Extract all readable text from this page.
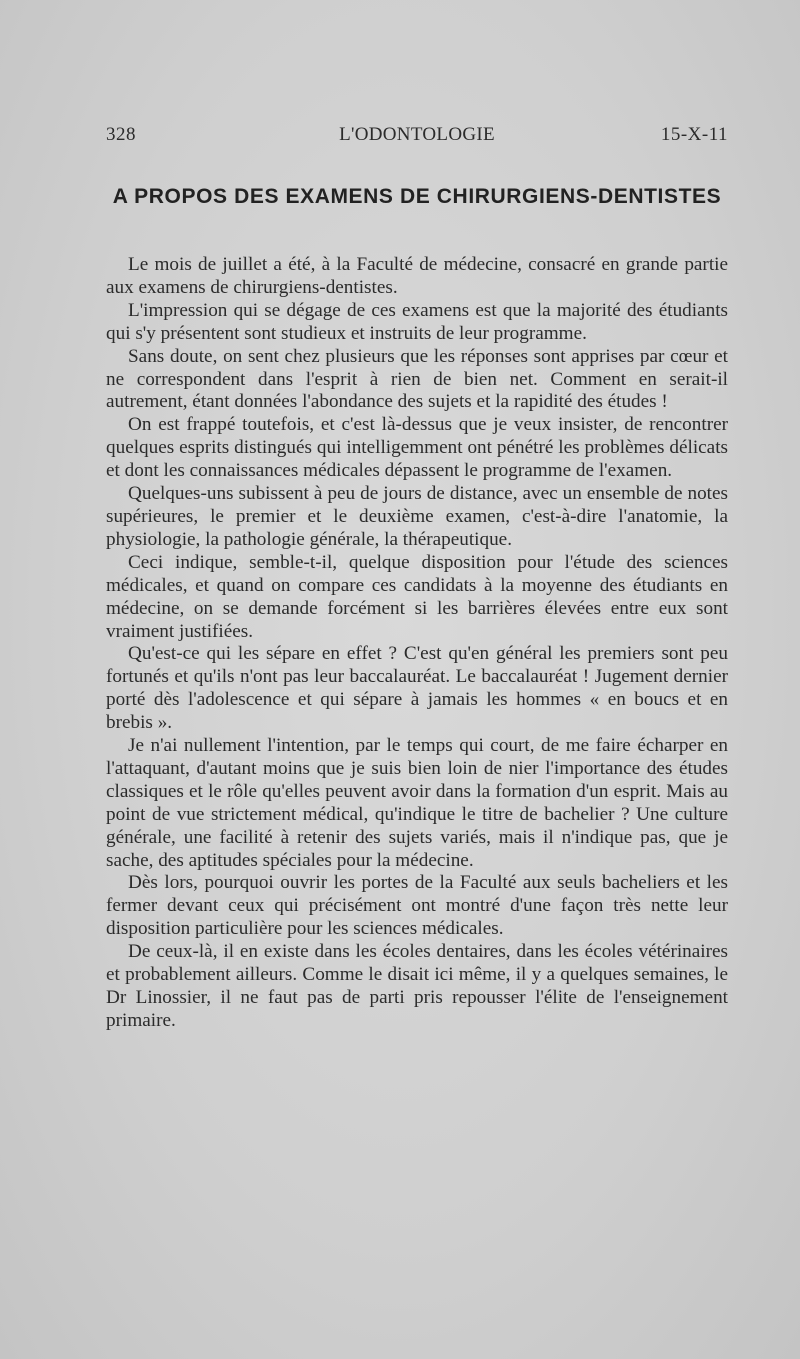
L'ODONTOLOGIE
328	15-X-11
A PROPOS DES EXAMENS DE CHIRURGIENS-DENTISTES

Le mois de juillet a été, à la Faculté de médecine, consacré en grande partie aux examens de chirurgiens-dentistes.

L'impression qui se dégage de ces examens est que la majorité des étudiants qui s'y présentent sont studieux et instruits de leur programme.

Sans doute, on sent chez plusieurs que les réponses sont apprises par cœur et ne correspondent dans l'esprit à rien de bien net. Comment en serait-il autrement, étant données l'abondance des sujets et la rapidité des études !

On est frappé toutefois, et c'est là-dessus que je veux insister, de rencontrer quelques esprits distingués qui intelligemment ont pénétré les problèmes délicats et dont les connaissances médicales dépassent le programme de l'examen.

Quelques-uns subissent à peu de jours de distance, avec un ensemble de notes supérieures, le premier et le deuxième examen, c'est-à-dire l'anatomie, la physiologie, la pathologie générale, la thérapeutique.

Ceci indique, semble-t-il, quelque disposition pour l'étude des sciences médicales, et quand on compare ces candidats à la moyenne des étudiants en médecine, on se demande forcément si les barrières élevées entre eux sont vraiment justifiées.

Qu'est-ce qui les sépare en effet ? C'est qu'en général les premiers sont peu fortunés et qu'ils n'ont pas leur baccalauréat. Le baccalauréat ! Jugement dernier porté dès l'adolescence et qui sépare à jamais les hommes « en boucs et en brebis ».

Je n'ai nullement l'intention, par le temps qui court, de me faire écharper en l'attaquant, d'autant moins que je suis bien loin de nier l'importance des études classiques et le rôle qu'elles peuvent avoir dans la formation d'un esprit. Mais au point de vue strictement médical, qu'indique le titre de bachelier ? Une culture générale, une facilité à retenir des sujets variés, mais il n'indique pas, que je sache, des aptitudes spéciales pour la médecine.

Dès lors, pourquoi ouvrir les portes de la Faculté aux seuls bacheliers et les fermer devant ceux qui précisément ont montré d'une façon très nette leur disposition particulière pour les sciences médicales.

De ceux-là, il en existe dans les écoles dentaires, dans les écoles vétérinaires et probablement ailleurs. Comme le disait ici même, il y a quelques semaines, le Dr Linossier, il ne faut pas de parti pris repousser l'élite de l'enseignement primaire.
